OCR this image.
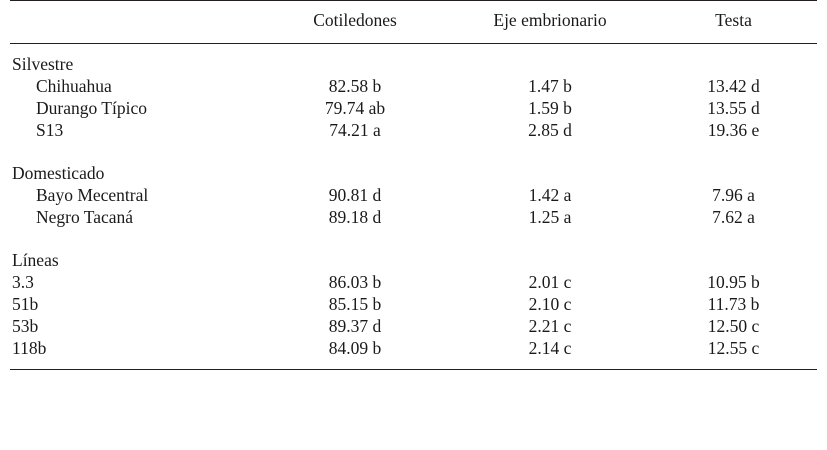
	Cotiledones	Eje embrionario	Testa

Silvestre			
Chihuahua	82.58 b	1.47 b	13.42 d
Durango Típico	79.74 ab	1.59 b	13.55 d
S13	74.21 a	2.85 d	19.36 e

Domesticado			
Bayo Mecentral	90.81 d	1.42 a	7.96 a
Negro Tacaná	89.18 d	1.25 a	7.62 a

Líneas			
3.3	86.03 b	2.01 c	10.95 b
51b	85.15 b	2.10 c	11.73 b
53b	89.37 d	2.21 c	12.50 c
118b	84.09 b	2.14 c	12.55 c
